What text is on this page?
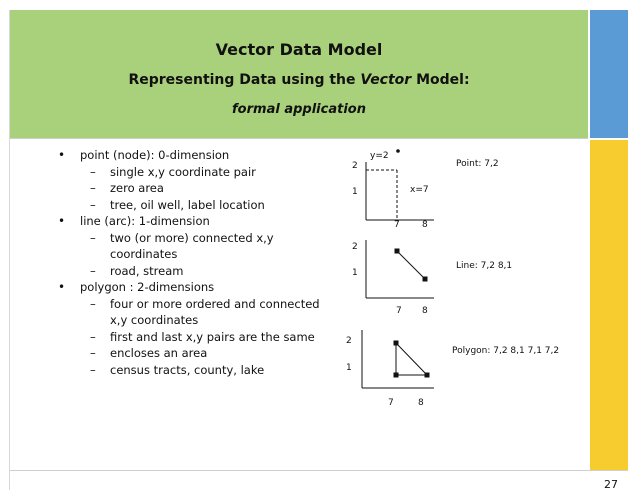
Vector Data Model
Representing Data using the Vector Model:
formal application
• point (node): 0-dimension
– single x,y coordinate pair
– zero area
– tree, oil well, label location
• line (arc): 1-dimension
– two (or more) connected x,y
coordinates
– road, stream
• polygon : 2-dimensions
– four or more ordered and connected
x,y coordinates
– first and last x,y pairs are the same
– encloses an area
– census tracts, county, lake
2
1
7 8
y=2
x=7
Point: 7,2
2
1
7 8
Line: 7,2 8,1
2
1
7	8
Polygon: 7,2 8,1 7,1 7,2
27
